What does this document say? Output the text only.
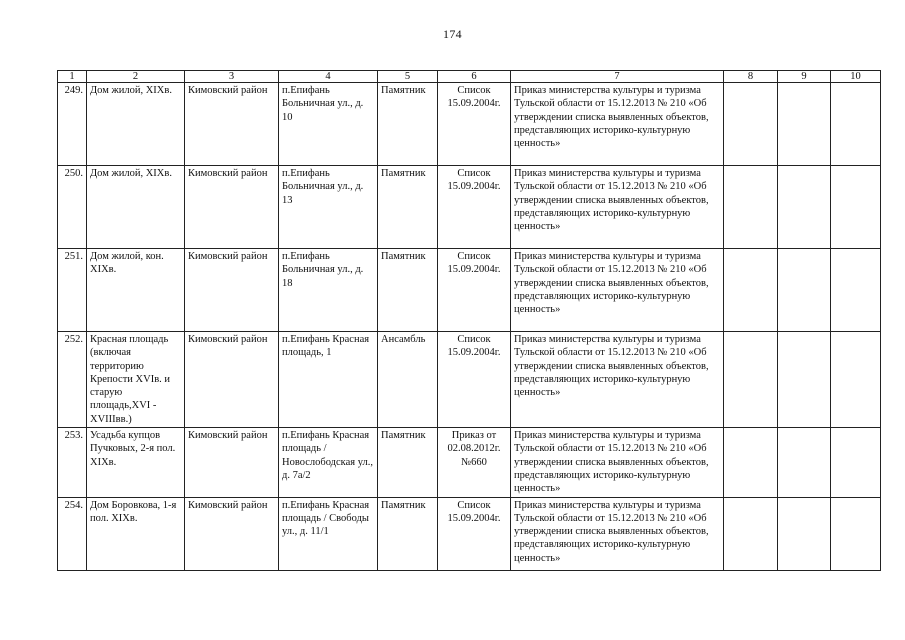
174
1	2	3	4	5	6	7	8	9	10
249.	Дом жилой, XIXв.	Кимовский район	п.Епифань Больничная ул., д. 10	Памятник	Список 15.09.2004г.	Приказ министерства культуры и туризма Тульской области от 15.12.2013 № 210 «Об утверждении списка выявленных объектов, представляющих историко-культурную ценность»			
250.	Дом жилой, XIXв.	Кимовский район	п.Епифань Больничная ул., д. 13	Памятник	Список 15.09.2004г.	Приказ министерства культуры и туризма Тульской области от 15.12.2013 № 210 «Об утверждении списка выявленных объектов, представляющих историко-культурную ценность»			
251.	Дом жилой, кон. XIXв.	Кимовский район	п.Епифань Больничная ул., д. 18	Памятник	Список 15.09.2004г.	Приказ министерства культуры и туризма Тульской области от 15.12.2013 № 210 «Об утверждении списка выявленных объектов, представляющих историко-культурную ценность»			
252.	Красная площадь (включая территорию Крепости XVIв. и старую площадь,XVI - XVIIIвв.)	Кимовский район	п.Епифань Красная площадь, 1	Ансамбль	Список 15.09.2004г.	Приказ министерства культуры и туризма Тульской области от 15.12.2013 № 210 «Об утверждении списка выявленных объектов, представляющих историко-культурную ценность»			
253.	Усадьба купцов Пучковых, 2-я пол. XIXв.	Кимовский район	п.Епифань Красная площадь / Новослободская ул., д. 7а/2	Памятник	Приказ от 02.08.2012г. №660	Приказ министерства культуры и туризма Тульской области от 15.12.2013 № 210 «Об утверждении списка выявленных объектов, представляющих историко-культурную ценность»			
254.	Дом Боровкова, 1-я пол. XIXв.	Кимовский район	п.Епифань Красная площадь / Свободы ул., д. 11/1	Памятник	Список 15.09.2004г.	Приказ министерства культуры и туризма Тульской области от 15.12.2013 № 210 «Об утверждении списка выявленных объектов, представляющих историко-культурную ценность»			
